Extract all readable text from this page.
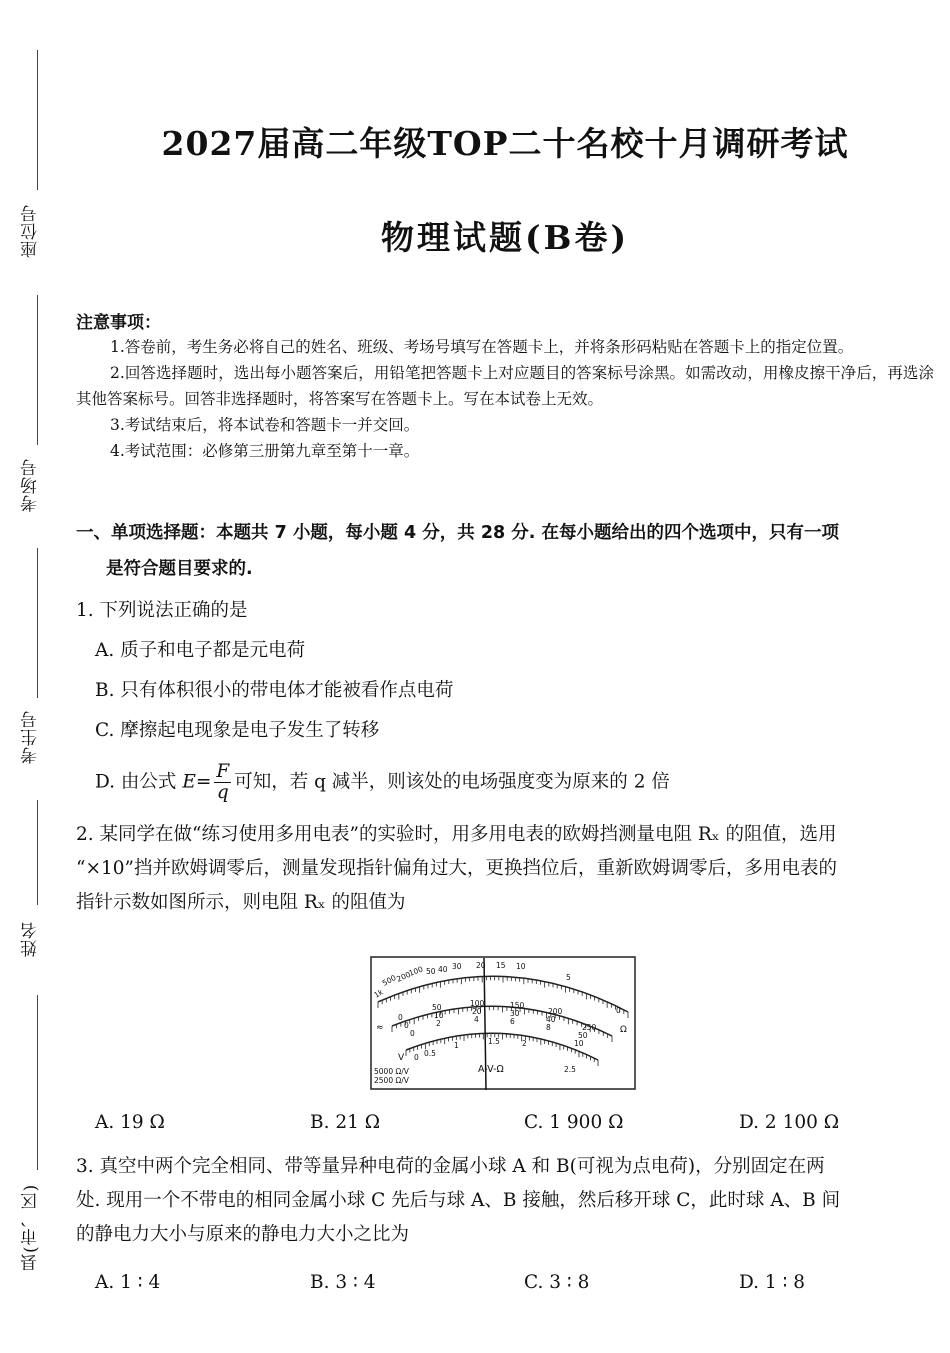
座位号
考场号
考生号
姓名
县(市、区)
2027届高二年级TOP二十名校十月调研考试
物理试题(B卷)
注意事项：

1.答卷前，考生务必将自己的姓名、班级、考场号填写在答题卡上，并将条形码粘贴在答题卡上的指定位置。

2.回答选择题时，选出每小题答案后，用铅笔把答题卡上对应题目的答案标号涂黑。如需改动，用橡皮擦干净后，再选涂其他答案标号。回答非选择题时，将答案写在答题卡上。写在本试卷上无效。

3.考试结束后，将本试卷和答题卡一并交回。

4.考试范围：必修第三册第九章至第十一章。

一、单项选择题：本题共 7 小题，每小题 4 分，共 28 分. 在每小题给出的四个选项中，只有一项
是符合题目要求的.
1. 下列说法正确的是
A. 质子和电子都是元电荷
B. 只有体积很小的带电体才能被看作点电荷
C. 摩擦起电现象是电子发生了转移
D. 由公式 $E= \frac{F}{q}$ 可知，若 q 减半，则该处的电场强度变为原来的 2 倍
2. 某同学在做“练习使用多用电表”的实验时，用多用电表的欧姆挡测量电阻 Rₓ 的阻值，选用
“×10”挡并欧姆调零后，测量发现指针偏角过大，更换挡位后，重新欧姆调零后，多用电表的
指针示数如图所示，则电阻 Rₓ 的阻值为
1k
500
200
100 50 40 30 20 15 10
5
0
Ω
≈
V
0
50	100	150
200
250
0
10	20	30
40
50
0
2	4	6
8
10
0 0.5
1	1.5	2
2.5
5000 Ω/V
2500 Ω/V
A-V-Ω
A. 19 Ω	B. 21 Ω	C. 1 900 Ω	D. 2 100 Ω
3. 真空中两个完全相同、带等量异种电荷的金属小球 A 和 B(可视为点电荷)，分别固定在两
处. 现用一个不带电的相同金属小球 C 先后与球 A、B 接触，然后移开球 C，此时球 A、B 间
的静电力大小与原来的静电力大小之比为
A. 1 ∶ 4	B. 3 ∶ 4	C. 3 ∶ 8	D. 1 ∶ 8
